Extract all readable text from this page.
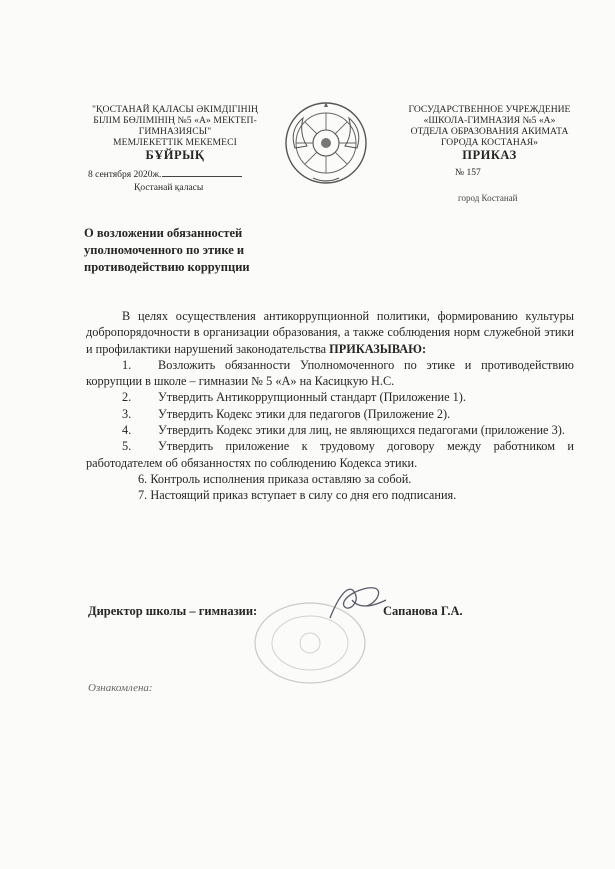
"ҚОСТАНАЙ ҚАЛАСЫ ӘКІМДІГІНІҢ
БІЛІМ БӨЛІМІНІҢ №5 «А» МЕКТЕП-
ГИМНАЗИЯСЫ"
МЕМЛЕКЕТТІК МЕКЕМЕСІ
БҰЙРЫҚ
8 сентября 2020ж.
Қостанай қаласы
ГОСУДАРСТВЕННОЕ УЧРЕЖДЕНИЕ
«ШКОЛА-ГИМНАЗИЯ №5 «А»
ОТДЕЛА ОБРАЗОВАНИЯ АКИМАТА
ГОРОДА КОСТАНАЯ»
ПРИКАЗ
№ 157
город Костанай
О возложении обязанностей
уполномоченного по этике и
противодействию коррупции

В целях осуществления антикоррупционной политики, формированию культуры добропорядочности в организации образования, а также соблюдения норм служебной этики и профилактики нарушений законодательства ПРИКАЗЫВАЮ:

1. Возложить обязанности Уполномоченного по этике и противодействию коррупции в школе – гимназии № 5 «А» на Касицкую Н.С.

2. Утвердить Антикоррупционный стандарт (Приложение 1).

3. Утвердить Кодекс этики для педагогов (Приложение 2).

4. Утвердить Кодекс этики для лиц, не являющихся педагогами (приложение 3).

5. Утвердить приложение к трудовому договору между работником и работодателем об обязанностях по соблюдению Кодекса этики.

6. Контроль исполнения приказа оставляю за собой.

7. Настоящий приказ вступает в силу со дня его подписания.

Директор школы – гимназии:	Сапанова Г.А.
Ознакомлена:
